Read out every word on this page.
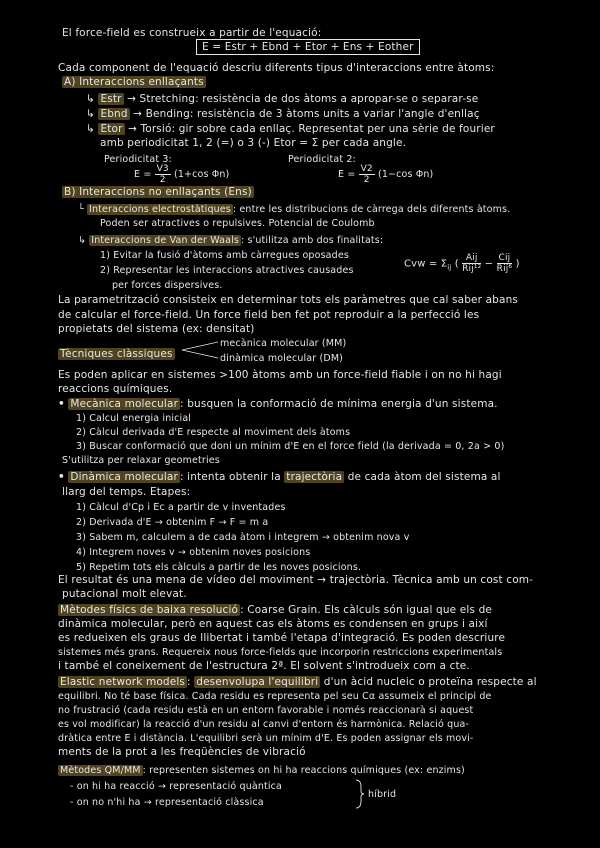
El force-field es construeix a partir de l'equació:
E = Estr + Ebnd + Etor + Ens + Eother
Cada component de l'equació descriu diferents tipus d'interaccions entre àtoms:
A) Interaccions enllaçants
↳ Estr → Stretching: resistència de dos àtoms a apropar-se o separar-se
↳ Ebnd → Bending: resistència de 3 àtoms units a variar l'angle d'enllaç
↳ Etor → Torsió: gir sobre cada enllaç. Representat per una sèrie de fourier
amb periodicitat 1, 2 (=) o 3 (-) Etor = Σ per cada angle.
Periodicitat 3:	Periodicitat 2:
$E = \frac{V3}{2} (1+\cos$ Φn)	$E = \frac{V2}{2} (1-\cos$ Φn)
B) Interaccions no enllaçants (Ens)
└ Interaccions electrostàtiques : entre les distribucions de càrrega dels diferents àtoms.
Poden ser atractives o repulsives. Potencial de Coulomb
↳ Interaccions de Van der Waals : s'utilitza amb dos finalitats:
1) Evitar la fusió d'àtoms amb càrregues oposades
2) Representar les interaccions atractives causades
per forces dispersives.
Cvw = $\Sigma_{ij}$ ( $\frac{\text{Aij}}{\text{Rij¹²}} - \frac{\text{Cij}}{\text{Rij⁶}}$ )
La parametrització consisteix en determinar tots els paràmetres que cal saber abans
de calcular el force-field. Un force field ben fet pot reproduir a la perfecció les
propietats del sistema (ex: densitat)
Tècniques clàssiques
mecànica molecular (MM)
dinàmica molecular (DM)
Es poden aplicar en sistemes >100 àtoms amb un force-field fiable i on no hi hagi
reaccions químiques.
• Mecànica molecular : busquen la conformació de mínima energia d'un sistema.
1) Calcul energia inicial
2) Càlcul derivada d'E respecte al moviment dels àtoms
3) Buscar conformació que doni un mínim d'E en el force field (la derivada = 0, 2a > 0)
S'utilitza per relaxar geometries
• Dinàmica molecular : intenta obtenir la trajectòria de cada àtom del sistema al
llarg del temps. Etapes:
1) Càlcul d'Cp i Ec a partir de v inventades
2) Derivada d'E → obtenim F → F = m a
3) Sabem m, calculem a de cada àtom i integrem → obtenim nova v
4) Integrem noves v → obtenim noves posicions
5) Repetim tots els càlculs a partir de les noves posicions.
El resultat és una mena de vídeo del moviment → trajectòria. Tècnica amb un cost com-
putacional molt elevat.
Mètodes físics de baixa resolució : Coarse Grain. Els càlculs són igual que els de
dinàmica molecular, però en aquest cas els àtoms es condensen en grups i així
es redueixen els graus de llibertat i també l'etapa d'integració. Es poden descriure
sistemes més grans. Requereix nous force-fields que incorporin restriccions experimentals
i també el coneixement de l'estructura 2ª. El solvent s'introdueix com a cte.
Elastic network models : desenvolupa l'equilibri d'un àcid nucleic o proteïna respecte al
equilibri. No té base física. Cada residu es representa pel seu Cα assumeix el principi de
no frustració (cada residu està en un entorn favorable i només reaccionarà si aquest
es vol modificar) la reacció d'un residu al canvi d'entorn és harmònica. Relació qua-
dràtica entre E i distància. L'equilibri serà un mínim d'E. Es poden assignar els movi-
ments de la prot a les freqüències de vibració
Mètodes QM/MM : representen sistemes on hi ha reaccions químiques (ex: enzims)
- on hi ha reacció → representació quàntica
- on no n'hi ha → representació clàssica
híbrid
